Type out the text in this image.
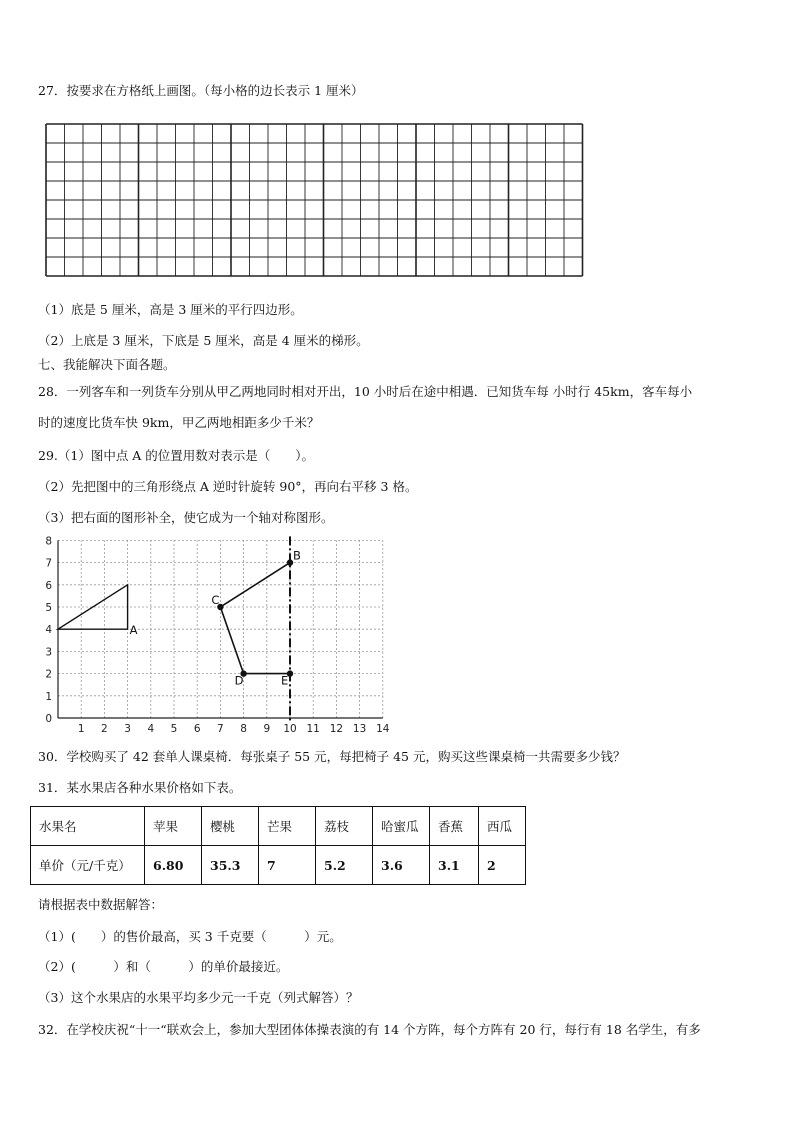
27．按要求在方格纸上画图。（每小格的边长表示 1 厘米）
（1）底是 5 厘米，高是 3 厘米的平行四边形。
（2）上底是 3 厘米，下底是 5 厘米，高是 4 厘米的梯形。
七、我能解决下面各题。
28．一列客车和一列货车分别从甲乙两地同时相对开出，10 小时后在途中相遇．已知货车每 小时行 45km，客车每小
时的速度比货车快 9km，甲乙两地相距多少千米？
29.（1）图中点 A 的位置用数对表示是（　　）。
（2）先把图中的三角形绕点 A 逆时针旋转 90°，再向右平移 3 格。
（3）把右面的图形补全，使它成为一个轴对称图形。
1 2 3 4 5 6 7 8 9 10 11 12 13 14
0
1
2
3
4
5
6
7
8
A
B
C
D	E
30．学校购买了 42 套单人课桌椅．每张桌子 55 元，每把椅子 45 元，购买这些课桌椅一共需要多少钱？
31．某水果店各种水果价格如下表。
水果名	苹果	樱桃	芒果	荔枝	哈蜜瓜	香蕉	西瓜
单价（元/千克）	6.80	35.3	7	5.2	3.6	3.1	2
请根据表中数据解答：
（1）(　　）的售价最高，买 3 千克要（　　　）元。
（2）(　　　）和（　　　）的单价最接近。
（3）这个水果店的水果平均多少元一千克（列式解答）？
32．在学校庆祝“十一“联欢会上，参加大型团体体操表演的有 14 个方阵，每个方阵有 20 行，每行有 18 名学生，有多
